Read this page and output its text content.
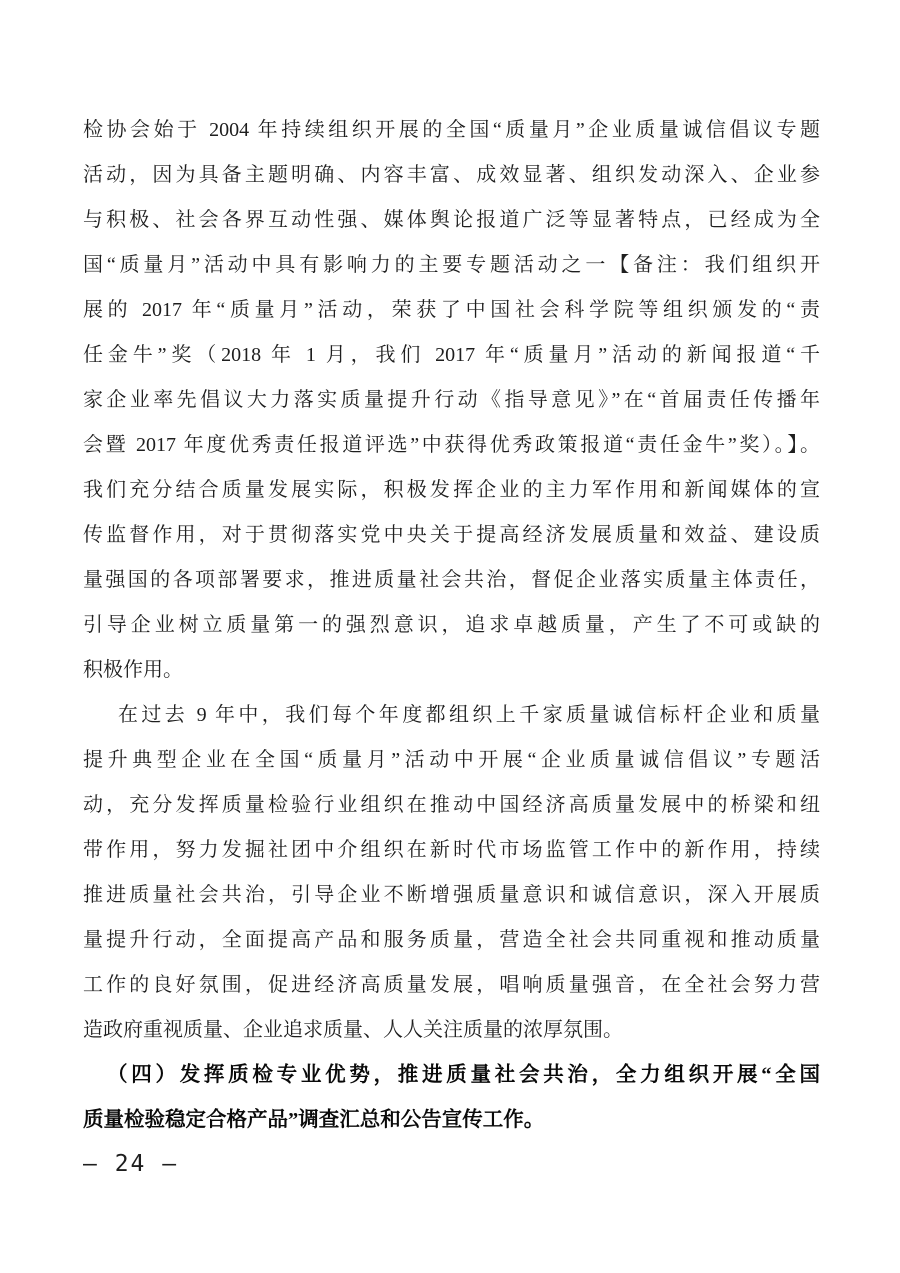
检协会始于 2004 年持续组织开展的全国“质量月”企业质量诚信倡议专题
活动，因为具备主题明确、内容丰富、成效显著、组织发动深入、企业参
与积极、社会各界互动性强、媒体舆论报道广泛等显著特点，已经成为全
国“质量月”活动中具有影响力的主要专题活动之一【备注：我们组织开
展的 2017 年“质量月”活动，荣获了中国社会科学院等组织颁发的“责
任金牛”奖（2018 年 1 月，我们 2017 年“质量月”活动的新闻报道“千
家企业率先倡议大力落实质量提升行动《指导意见》”在“首届责任传播年
会暨 2017 年度优秀责任报道评选”中获得优秀政策报道“责任金牛”奖）。】。
我们充分结合质量发展实际，积极发挥企业的主力军作用和新闻媒体的宣
传监督作用，对于贯彻落实党中央关于提高经济发展质量和效益、建设质
量强国的各项部署要求，推进质量社会共治，督促企业落实质量主体责任，
引导企业树立质量第一的强烈意识，追求卓越质量，产生了不可或缺的
积极作用。
在过去 9 年中，我们每个年度都组织上千家质量诚信标杆企业和质量
提升典型企业在全国“质量月”活动中开展“企业质量诚信倡议”专题活
动，充分发挥质量检验行业组织在推动中国经济高质量发展中的桥梁和纽
带作用，努力发掘社团中介组织在新时代市场监管工作中的新作用，持续
推进质量社会共治，引导企业不断增强质量意识和诚信意识，深入开展质
量提升行动，全面提高产品和服务质量，营造全社会共同重视和推动质量
工作的良好氛围，促进经济高质量发展，唱响质量强音，在全社会努力营
造政府重视质量、企业追求质量、人人关注质量的浓厚氛围。
（四）发挥质检专业优势，推进质量社会共治，全力组织开展“全国
质量检验稳定合格产品”调查汇总和公告宣传工作。
– 24 –
